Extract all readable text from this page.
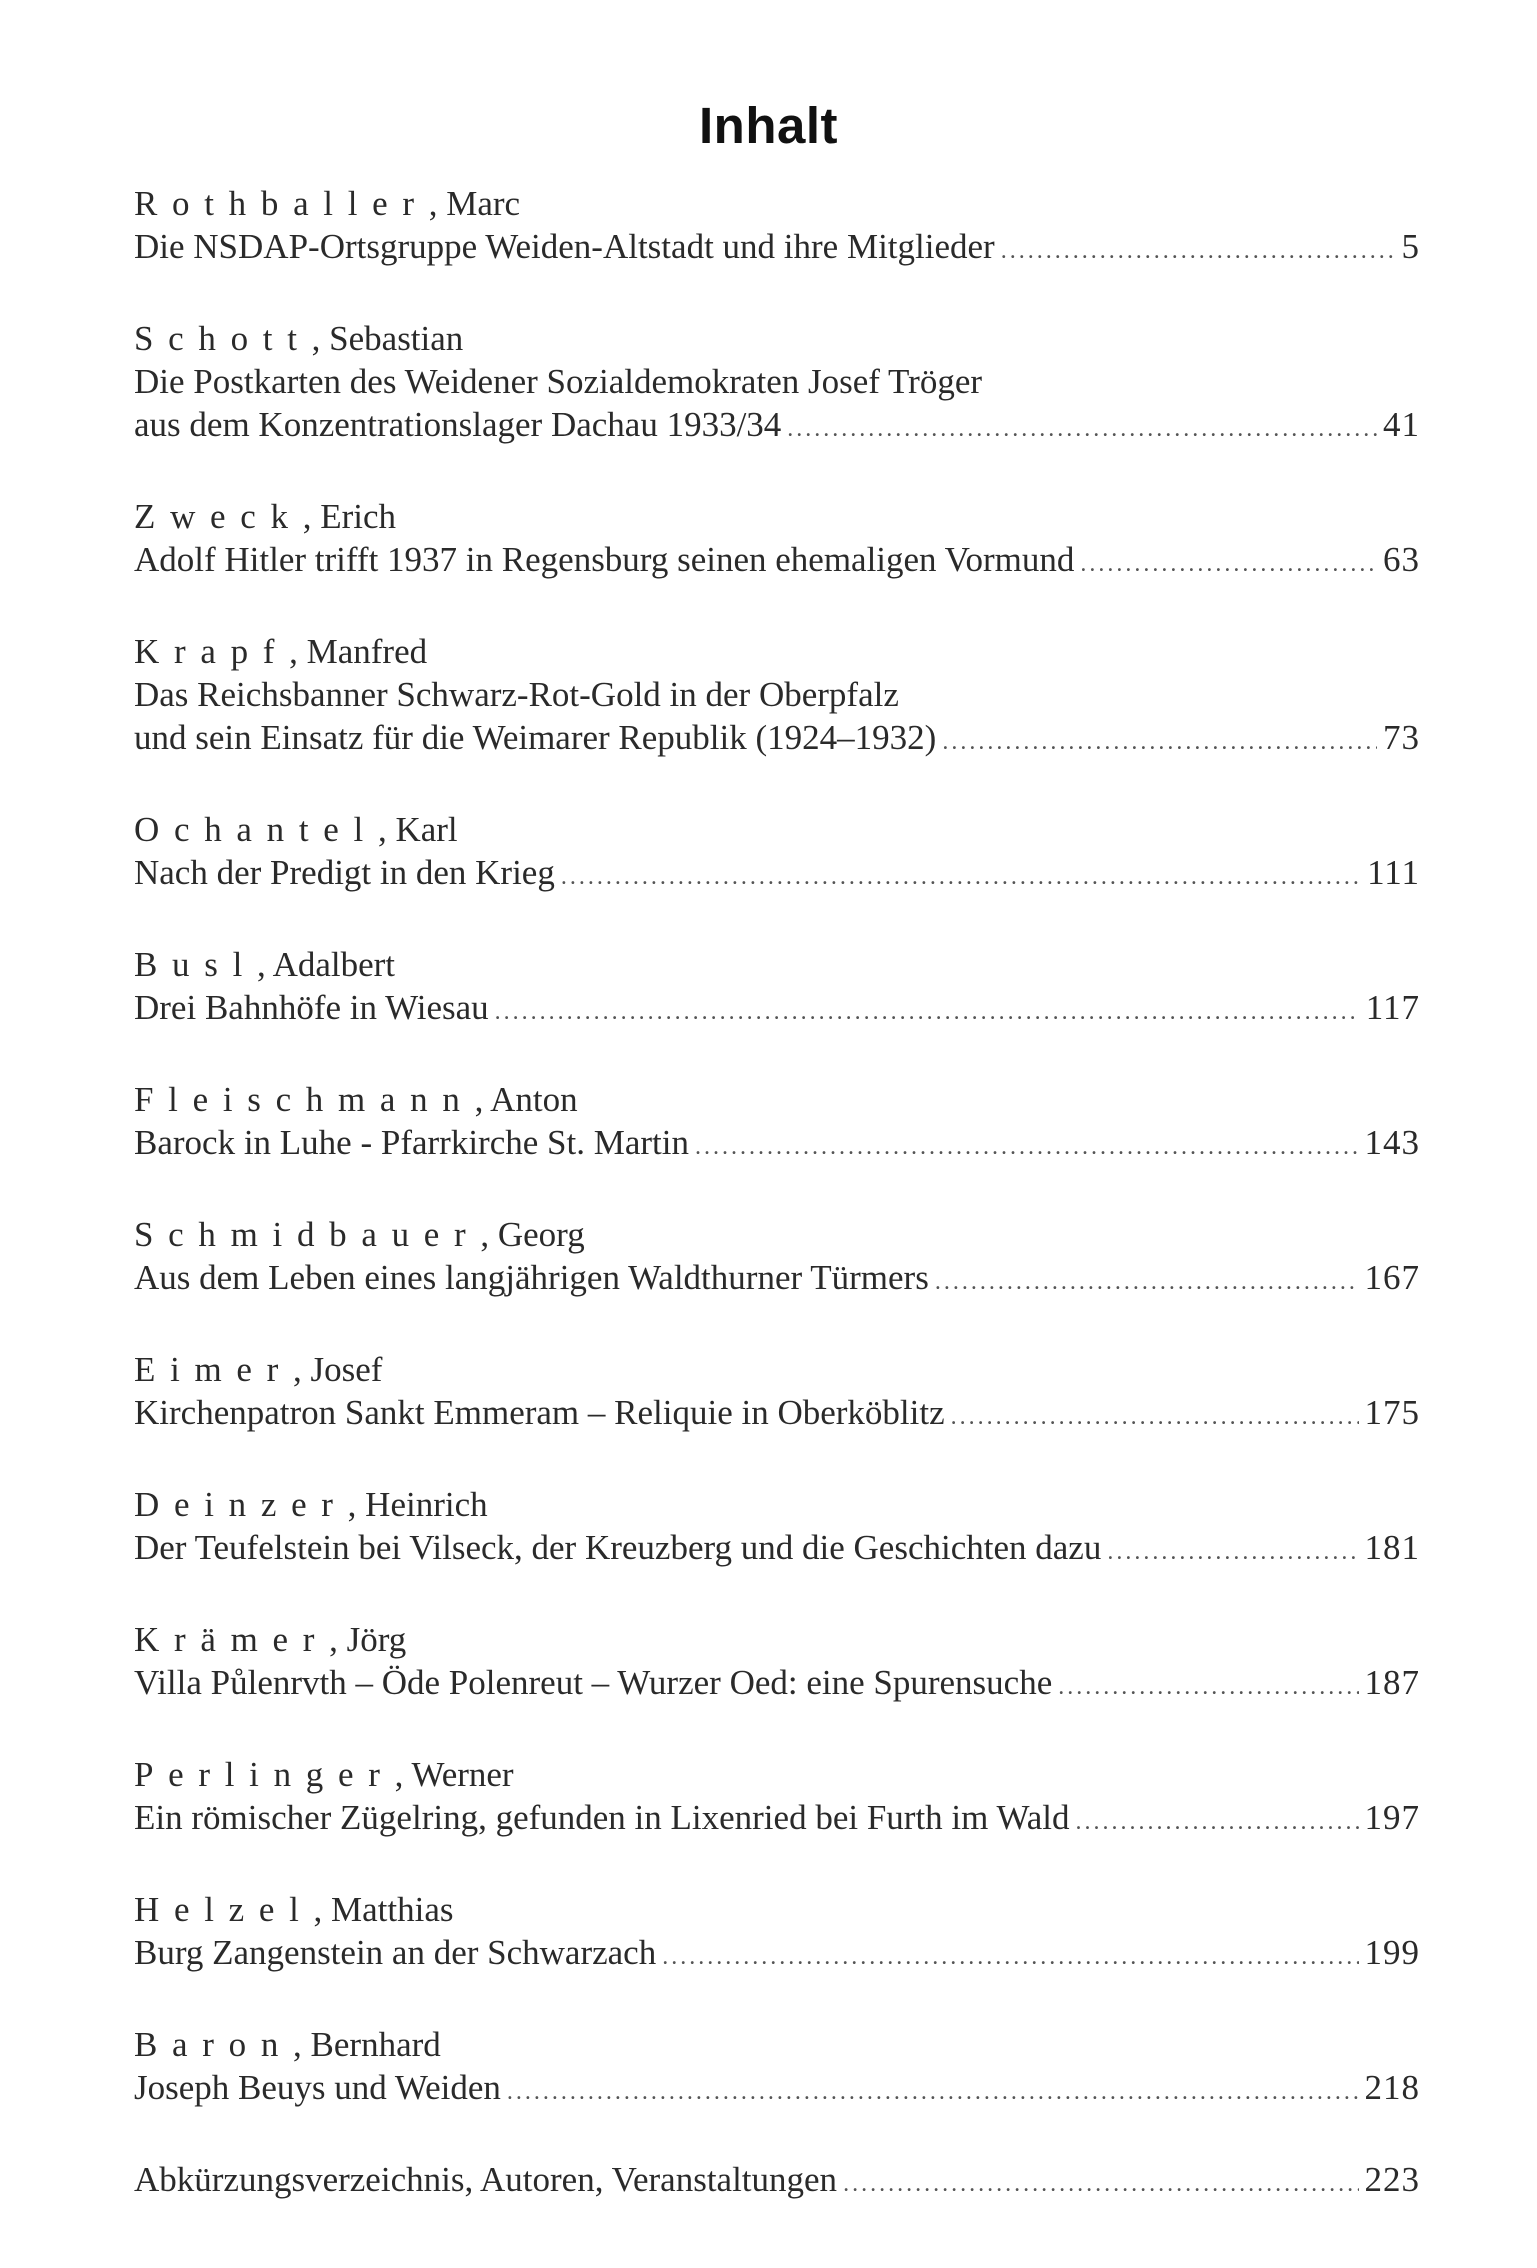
Inhalt
Rothballer, Marc
Die NSDAP-Ortsgruppe Weiden-Altstadt und ihre Mitglieder .....	5
Schott, Sebastian
Die Postkarten des Weidener Sozialdemokraten Josef Tröger
aus dem Konzentrationslager Dachau 1933/34 .....	41
Zweck, Erich
Adolf Hitler trifft 1937 in Regensburg seinen ehemaligen Vormund .....	63
Krapf, Manfred
Das Reichsbanner Schwarz-Rot-Gold in der Oberpfalz
und sein Einsatz für die Weimarer Republik (1924–1932) .....	73
Ochantel, Karl
Nach der Predigt in den Krieg .....	111
Busl, Adalbert
Drei Bahnhöfe in Wiesau .....	117
Fleischmann, Anton
Barock in Luhe - Pfarrkirche St. Martin .....	143
Schmidbauer, Georg
Aus dem Leben eines langjährigen Waldthurner Türmers .....	167
Eimer, Josef
Kirchenpatron Sankt Emmeram – Reliquie in Oberköblitz .....	175
Deinzer, Heinrich
Der Teufelstein bei Vilseck, der Kreuzberg und die Geschichten dazu .....	181
Krämer, Jörg
Villa Půlenrvth – Öde Polenreut – Wurzer Oed: eine Spurensuche .....	187
Perlinger, Werner
Ein römischer Zügelring, gefunden in Lixenried bei Furth im Wald .....	197
Helzel, Matthias
Burg Zangenstein an der Schwarzach .....	199
Baron, Bernhard
Joseph Beuys und Weiden .....	218
Abkürzungsverzeichnis, Autoren, Veranstaltungen .....	223
